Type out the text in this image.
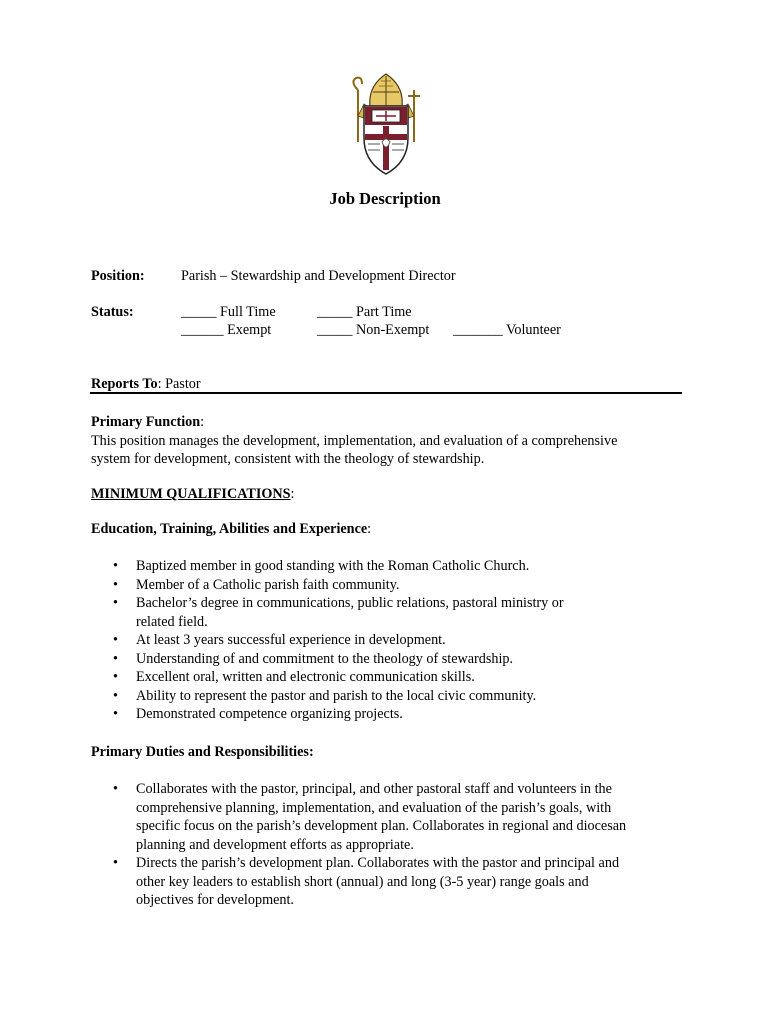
Job Description
Position:	Parish – Stewardship and Development Director
Status:	_____ Full Time	_____ Part Time
______ Exempt	_____ Non-Exempt _______ Volunteer
Reports To: Pastor
Primary Function:
This position manages the development, implementation, and evaluation of a comprehensive
system for development, consistent with the theology of stewardship.
MINIMUM QUALIFICATIONS:
Education, Training, Abilities and Experience:
• Baptized member in good standing with the Roman Catholic Church.
• Member of a Catholic parish faith community.
• Bachelor’s degree in communications, public relations, pastoral ministry or
related field.
• At least 3 years successful experience in development.
• Understanding of and commitment to the theology of stewardship.
• Excellent oral, written and electronic communication skills.
• Ability to represent the pastor and parish to the local civic community.
• Demonstrated competence organizing projects.
Primary Duties and Responsibilities:
• Collaborates with the pastor, principal, and other pastoral staff and volunteers in the
comprehensive planning, implementation, and evaluation of the parish’s goals, with
specific focus on the parish’s development plan. Collaborates in regional and diocesan
planning and development efforts as appropriate.
• Directs the parish’s development plan. Collaborates with the pastor and principal and
other key leaders to establish short (annual) and long (3-5 year) range goals and
objectives for development.
